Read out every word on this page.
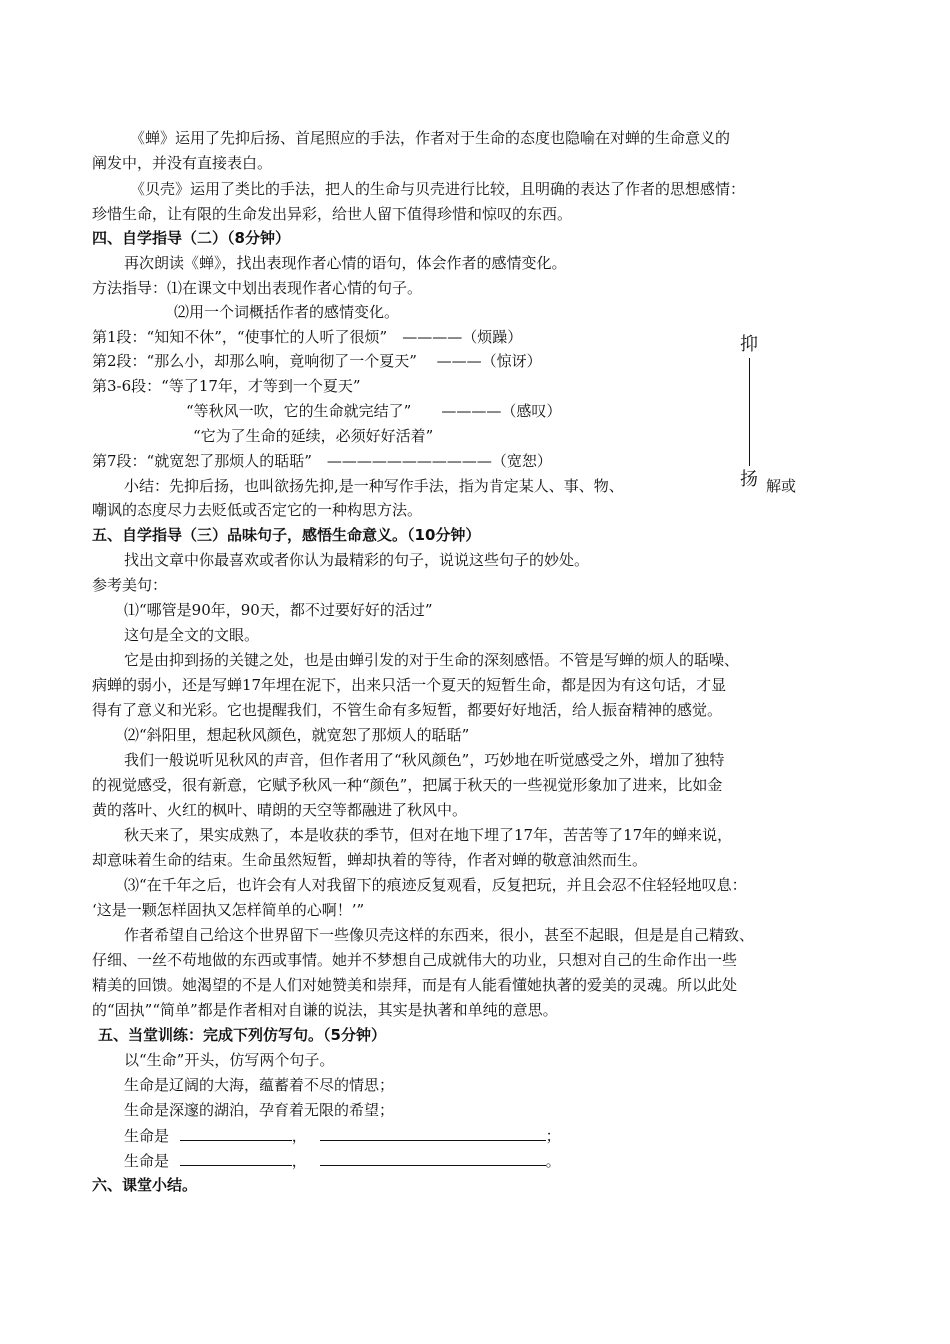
《蝉》运用了先抑后扬、首尾照应的手法，作者对于生命的态度也隐喻在对蝉的生命意义的
阐发中，并没有直接表白。
《贝壳》运用了类比的手法，把人的生命与贝壳进行比较，且明确的表达了作者的思想感情：
珍惜生命，让有限的生命发出异彩，给世人留下值得珍惜和惊叹的东西。
四、自学指导（二）（8分钟）
再次朗读《蝉》，找出表现作者心情的语句，体会作者的感情变化。
方法指导：⑴在课文中划出表现作者心情的句子。
⑵用一个词概括作者的感情变化。
第1段：“知知不休”，“使事忙的人听了很烦”　————（烦躁）
第2段：“那么小，却那么响，竟响彻了一个夏天”　 ———（惊讶）
第3-6段：“等了17年，才等到一个夏天”
“等秋风一吹，它的生命就完结了”　　————（感叹）
“它为了生命的延续，必须好好活着”
第7段：“就宽恕了那烦人的聒聒”　———————————（宽恕）
抑
扬
小结：先抑后扬，也叫欲扬先抑,是一种写作手法，指为肯定某人、事、物、	解或
嘲讽的态度尽力去贬低或否定它的一种构思方法。
五、自学指导（三）品味句子，感悟生命意义。（10分钟）
找出文章中你最喜欢或者你认为最精彩的句子，说说这些句子的妙处。
参考美句：
⑴“哪管是90年，90天，都不过要好好的活过”
这句是全文的文眼。
它是由抑到扬的关键之处，也是由蝉引发的对于生命的深刻感悟。不管是写蝉的烦人的聒噪、
病蝉的弱小，还是写蝉17年埋在泥下，出来只活一个夏天的短暂生命，都是因为有这句话，才显
得有了意义和光彩。它也提醒我们，不管生命有多短暂，都要好好地活，给人振奋精神的感觉。
⑵“斜阳里，想起秋风颜色，就宽恕了那烦人的聒聒”
我们一般说听见秋风的声音，但作者用了“秋风颜色”，巧妙地在听觉感受之外，增加了独特
的视觉感受，很有新意，它赋予秋风一种“颜色”，把属于秋天的一些视觉形象加了进来，比如金
黄的落叶、火红的枫叶、晴朗的天空等都融进了秋风中。
秋天来了，果实成熟了，本是收获的季节，但对在地下埋了17年，苦苦等了17年的蝉来说，
却意味着生命的结束。生命虽然短暂，蝉却执着的等待，作者对蝉的敬意油然而生。
⑶“在千年之后，也许会有人对我留下的痕迹反复观看，反复把玩，并且会忍不住轻轻地叹息：
‘这是一颗怎样固执又怎样简单的心啊！’”
作者希望自己给这个世界留下一些像贝壳这样的东西来，很小，甚至不起眼，但是是自己精致、
仔细、一丝不苟地做的东西或事情。她并不梦想自己成就伟大的功业，只想对自己的生命作出一些
精美的回馈。她渴望的不是人们对她赞美和崇拜，而是有人能看懂她执著的爱美的灵魂。所以此处
的“固执”“简单”都是作者相对自谦的说法，其实是执著和单纯的意思。
五、当堂训练：完成下列仿写句。（5分钟）
以“生命”开头，仿写两个句子。
生命是辽阔的大海，蕴蓄着不尽的情思；
生命是深邃的湖泊，孕育着无限的希望；
生命是	，	；
生命是	，	。
六、课堂小结。
